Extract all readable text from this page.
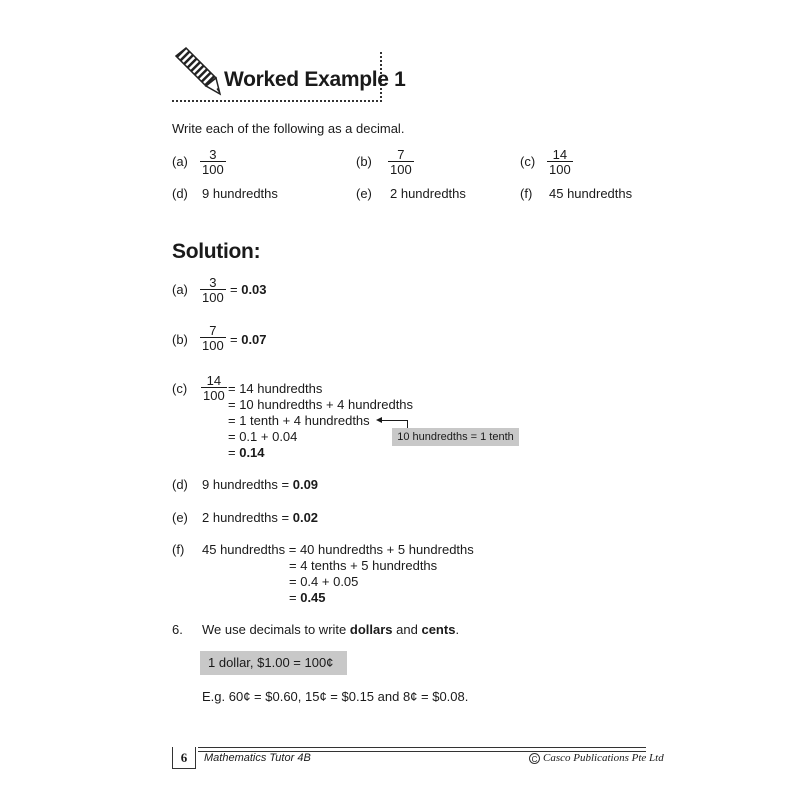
Worked Example 1
Write each of the following as a decimal.
$(a) \frac{3}{100}$	$(b) \frac{7}{100}$	$(c) \frac{14}{100}$
(d) 9 hundredths	(e) 2 hundredths	(f) 45 hundredths
Solution:
$(a) \frac{3}{100} = 0.03$
$(b) \frac{7}{100} = 0.07$
$(c) \frac{14}{100} = 14$ hundredths
= 10 hundredths + 4 hundredths
= 1 tenth + 4 hundredths
= 0.1 + 0.04
= 0.14
10 hundredths = 1 tenth
(d) 9 hundredths = 0.09
(e) 2 hundredths = 0.02
(f) 45 hundredths = 40 hundredths + 5 hundredths
= 4 tenths + 5 hundredths
= 0.4 + 0.05
= 0.45
6. We use decimals to write dollars and cents.
1 dollar, $1.00 = 100¢
E.g. 60¢ = $0.60, 15¢ = $0.15 and 8¢ = $0.08.
6	Mathematics Tutor 4B	C Casco Publications Pte Ltd
